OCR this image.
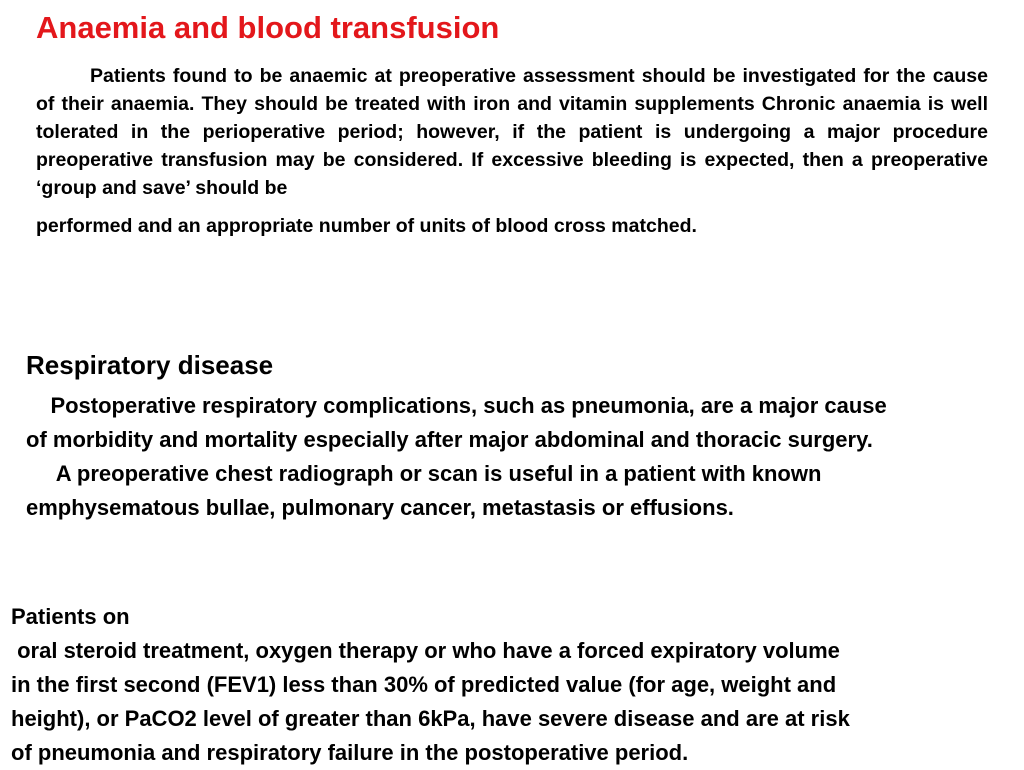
Anaemia and blood transfusion

Patients found to be anaemic at preoperative assessment should be investigated for the cause of their anaemia. They should be treated with iron and vitamin supplements Chronic anaemia is well tolerated in the perioperative period; however, if the patient is undergoing a major procedure preoperative transfusion may be considered. If excessive bleeding is expected, then a preoperative ‘group and save’ should be

performed and an appropriate number of units of blood cross matched.

Respiratory disease

Postoperative respiratory complications, such as pneumonia, are a major cause

of morbidity and mortality especially after major abdominal and thoracic surgery.

A preoperative chest radiograph or scan is useful in a patient with known

emphysematous bullae, pulmonary cancer, metastasis or effusions.

Patients on

oral steroid treatment, oxygen therapy or who have a forced expiratory volume

in the first second (FEV1) less than 30% of predicted value (for age, weight and

height), or PaCO2 level of greater than 6kPa, have severe disease and are at risk

of pneumonia and respiratory failure in the postoperative period.
